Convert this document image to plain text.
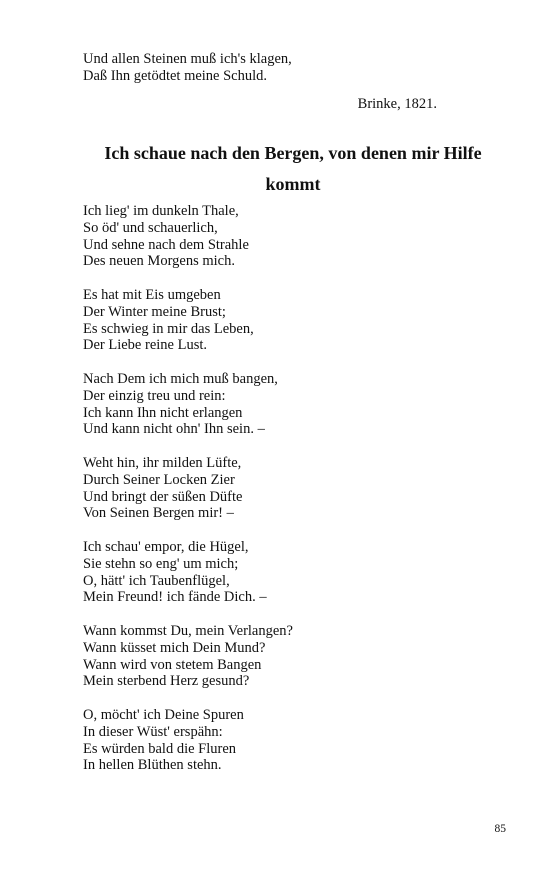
Und allen Steinen muß ich's klagen,
Daß Ihn getödtet meine Schuld.
Brinke, 1821.
Ich schaue nach den Bergen, von denen mir Hilfe kommt
Ich lieg' im dunkeln Thale,
So öd' und schauerlich,
Und sehne nach dem Strahle
Des neuen Morgens mich.
Es hat mit Eis umgeben
Der Winter meine Brust;
Es schwieg in mir das Leben,
Der Liebe reine Lust.
Nach Dem ich mich muß bangen,
Der einzig treu und rein:
Ich kann Ihn nicht erlangen
Und kann nicht ohn' Ihn sein. –
Weht hin, ihr milden Lüfte,
Durch Seiner Locken Zier
Und bringt der süßen Düfte
Von Seinen Bergen mir! –
Ich schau' empor, die Hügel,
Sie stehn so eng' um mich;
O, hätt' ich Taubenflügel,
Mein Freund! ich fände Dich. –
Wann kommst Du, mein Verlangen?
Wann küsset mich Dein Mund?
Wann wird von stetem Bangen
Mein sterbend Herz gesund?
O, möcht' ich Deine Spuren
In dieser Wüst' erspähn:
Es würden bald die Fluren
In hellen Blüthen stehn.
85
